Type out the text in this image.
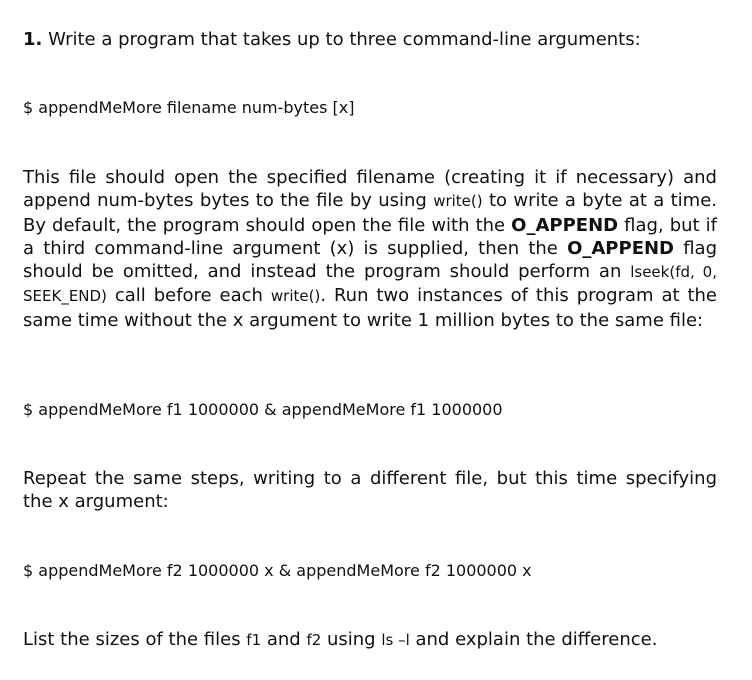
1. Write a program that takes up to three command-line arguments:
$ appendMeMore filename num-bytes [x]
This file should open the specified filename (creating it if necessary) and append num-bytes bytes to the file by using write() to write a byte at a time. By default, the program should open the file with the O_APPEND flag, but if a third command-line argument (x) is supplied, then the O_APPEND flag should be omitted, and instead the program should perform an lseek(fd, 0, SEEK_END) call before each write(). Run two instances of this program at the same time without the x argument to write 1 million bytes to the same file:
$ appendMeMore f1 1000000 & appendMeMore f1 1000000
Repeat the same steps, writing to a different file, but this time specifying the x argument:
$ appendMeMore f2 1000000 x & appendMeMore f2 1000000 x
List the sizes of the files f1 and f2 using ls –l and explain the difference.
